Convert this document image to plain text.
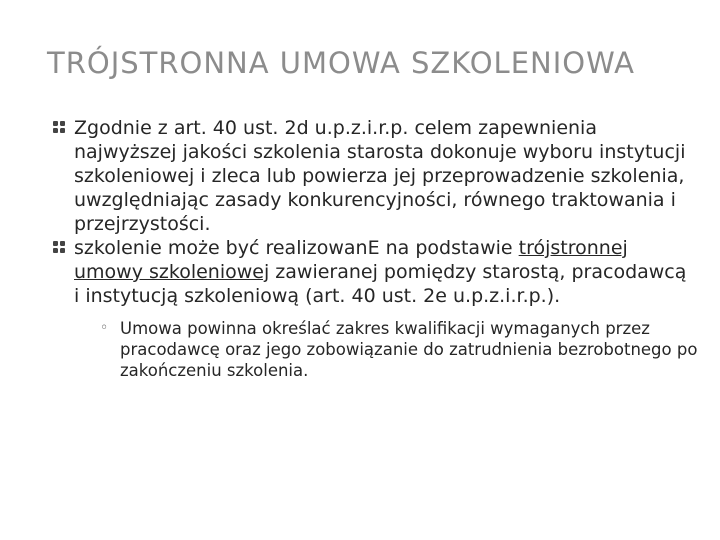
TRÓJSTRONNA UMOWA SZKOLENIOWA
Zgodnie z art. 40 ust. 2d u.p.z.i.r.p. celem zapewnienia najwyższej jakości szkolenia starosta dokonuje wyboru instytucji szkoleniowej i zleca lub powierza jej przeprowadzenie szkolenia, uwzględniając zasady konkurencyjności, równego traktowania i przejrzystości.
szkolenie może być realizowanE na podstawie trójstronnej umowy szkoleniowej zawieranej pomiędzy starostą, pracodawcą i instytucją szkoleniową (art. 40 ust. 2e u.p.z.i.r.p.).
◦ Umowa powinna określać zakres kwalifikacji wymaganych przez pracodawcę oraz jego zobowiązanie do zatrudnienia bezrobotnego po zakończeniu szkolenia.
